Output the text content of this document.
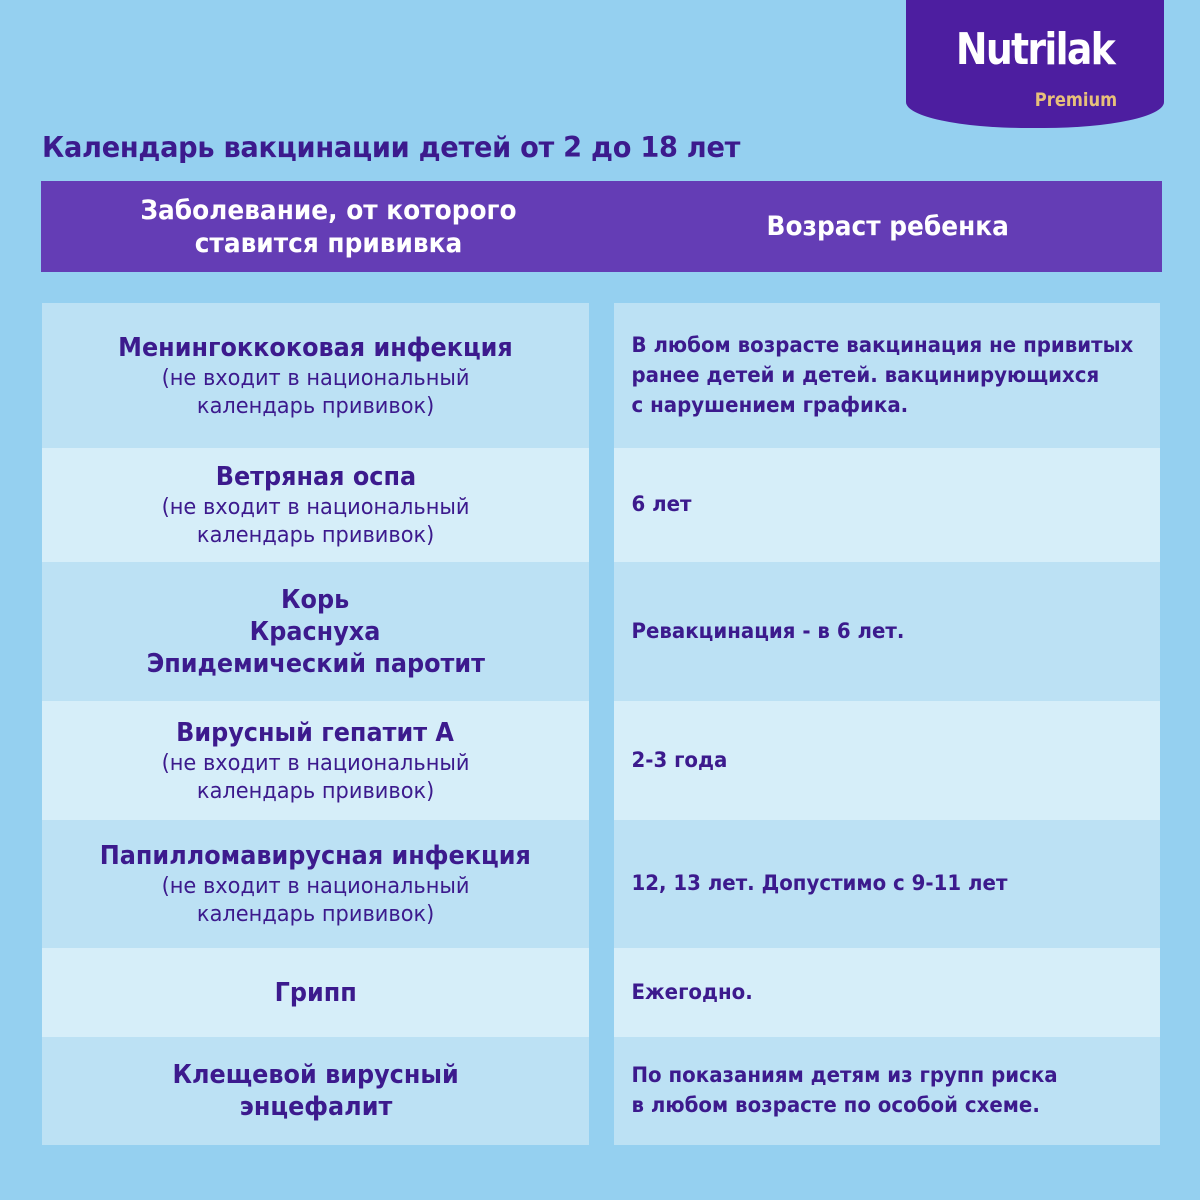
Nutrilak
Premium
Календарь вакцинации детей от 2 до 18 лет
Заболевание, от которого
ставится прививка
Возраст ребенка
Менингоккоковая инфекция
(не входит в национальный
календарь прививок)
Ветряная оспа
(не входит в национальный
календарь прививок)
Корь
Краснуха
Эпидемический паротит
Вирусный гепатит А
(не входит в национальный
календарь прививок)
Папилломавирусная инфекция
(не входит в национальный
календарь прививок)
Грипп
Клещевой вирусный
энцефалит
В любом возрасте вакцинация не привитых
ранее детей и детей. вакцинирующихся
с нарушением графика.
6 лет
Ревакцинация - в 6 лет.
2-3 года
12, 13 лет. Допустимо с 9-11 лет
Ежегодно.
По показаниям детям из групп риска
в любом возрасте по особой схеме.
